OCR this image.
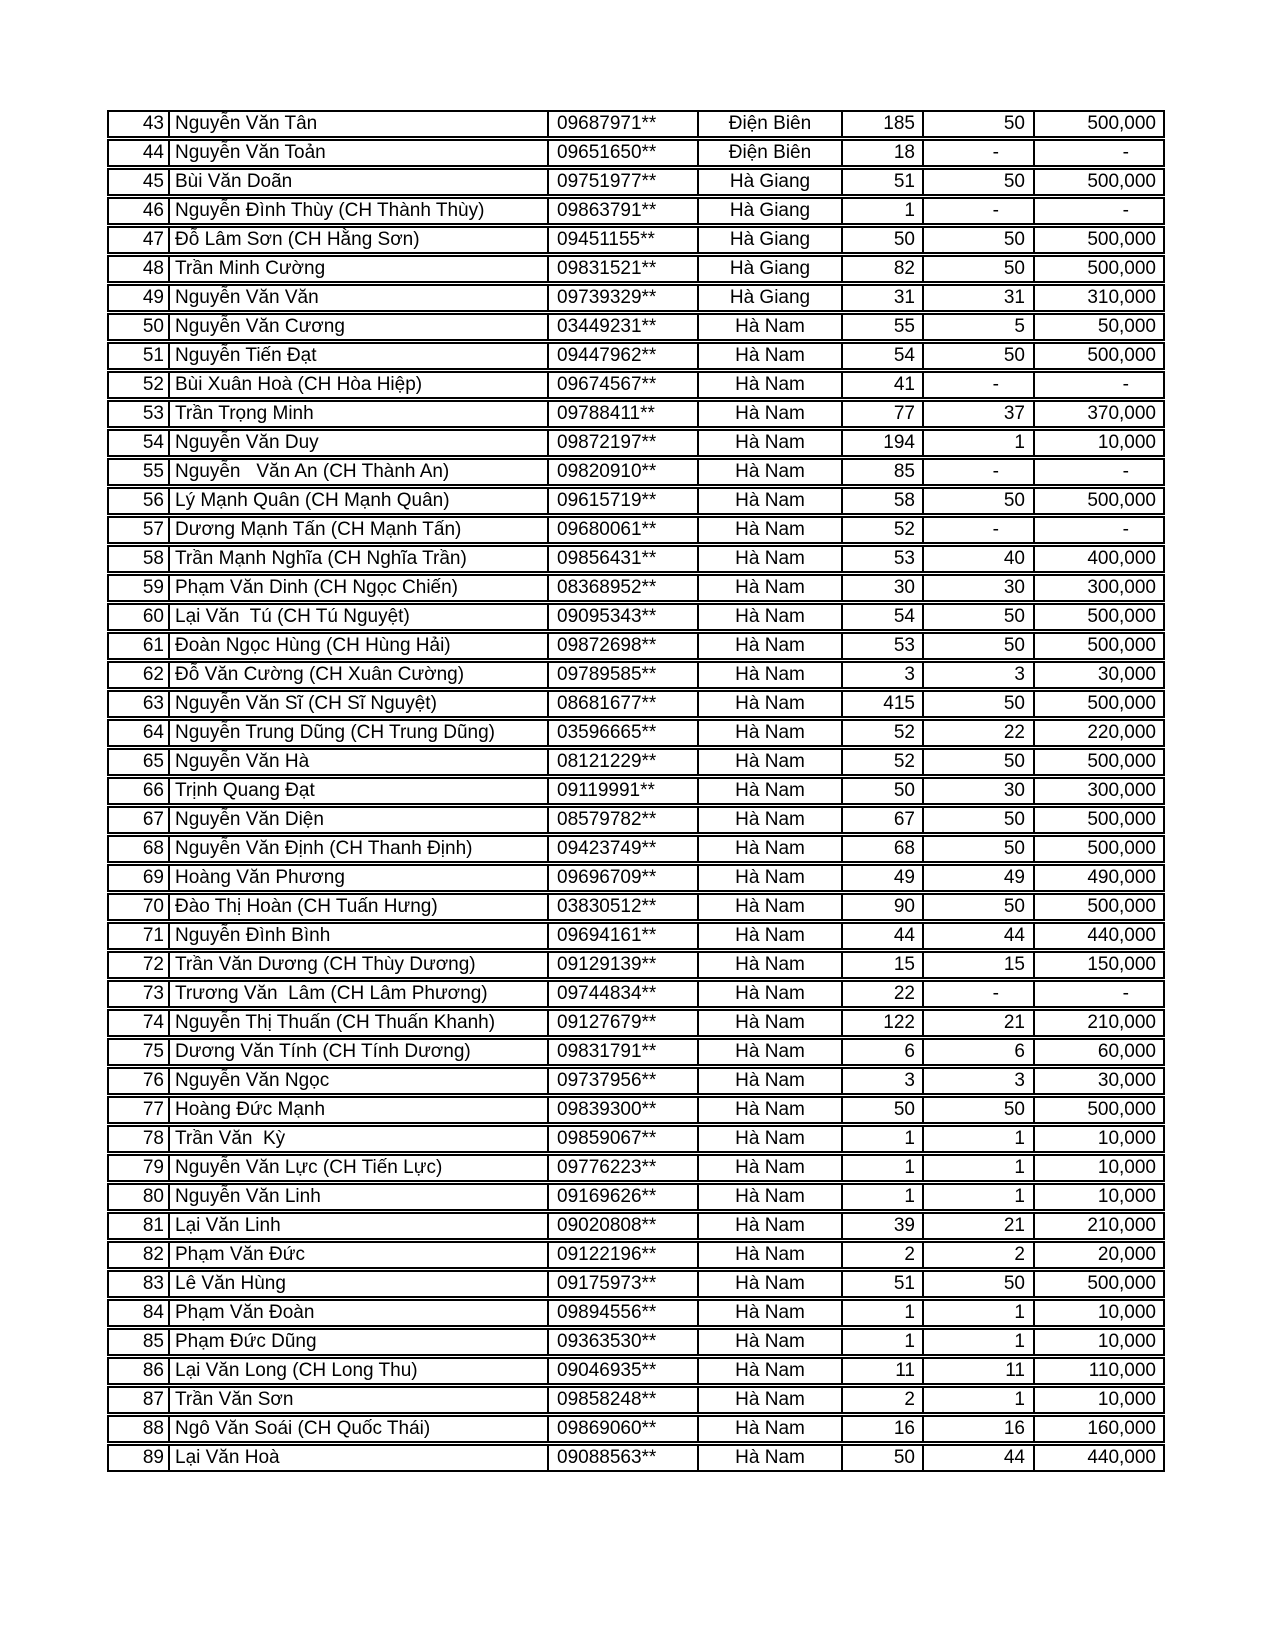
43 Nguyễn Văn Tân	09687971**	Điện Biên	185	50	500,000
44 Nguyễn Văn Toản	09651650**	Điện Biên	18	-	-
45 Bùi Văn Doãn	09751977**	Hà Giang	51	50	500,000
46 Nguyễn Đình Thùy (CH Thành Thùy)	09863791**	Hà Giang	1	-	-
47 Đỗ Lâm Sơn (CH Hằng Sơn)	09451155**	Hà Giang	50	50	500,000
48 Trần Minh Cường	09831521**	Hà Giang	82	50	500,000
49 Nguyễn Văn Văn	09739329**	Hà Giang	31	31	310,000
50 Nguyễn Văn Cương	03449231**	Hà Nam	55	5	50,000
51 Nguyễn Tiến Đạt	09447962**	Hà Nam	54	50	500,000
52 Bùi Xuân Hoà (CH Hòa Hiệp)	09674567**	Hà Nam	41	-	-
53 Trần Trọng Minh	09788411**	Hà Nam	77	37	370,000
54 Nguyễn Văn Duy	09872197**	Hà Nam	194	1	10,000
55 Nguyễn   Văn An (CH Thành An)	09820910**	Hà Nam	85	-	-
56 Lý Mạnh Quân (CH Mạnh Quân)	09615719**	Hà Nam	58	50	500,000
57 Dương Mạnh Tấn (CH Mạnh Tấn)	09680061**	Hà Nam	52	-	-
58 Trần Mạnh Nghĩa (CH Nghĩa Trần)	09856431**	Hà Nam	53	40	400,000
59 Phạm Văn Dinh (CH Ngọc Chiến)	08368952**	Hà Nam	30	30	300,000
60 Lại Văn  Tú (CH Tú Nguyệt)	09095343**	Hà Nam	54	50	500,000
61 Đoàn Ngọc Hùng (CH Hùng Hải)	09872698**	Hà Nam	53	50	500,000
62 Đỗ Văn Cường (CH Xuân Cường)	09789585**	Hà Nam	3	3	30,000
63 Nguyễn Văn Sĩ (CH Sĩ Nguyệt)	08681677**	Hà Nam	415	50	500,000
64 Nguyễn Trung Dũng (CH Trung Dũng)	03596665**	Hà Nam	52	22	220,000
65 Nguyễn Văn Hà	08121229**	Hà Nam	52	50	500,000
66 Trịnh Quang Đạt	09119991**	Hà Nam	50	30	300,000
67 Nguyễn Văn Diện	08579782**	Hà Nam	67	50	500,000
68 Nguyễn Văn Định (CH Thanh Định)	09423749**	Hà Nam	68	50	500,000
69 Hoàng Văn Phương	09696709**	Hà Nam	49	49	490,000
70 Đào Thị Hoàn (CH Tuấn Hưng)	03830512**	Hà Nam	90	50	500,000
71 Nguyễn Đình Bình	09694161**	Hà Nam	44	44	440,000
72 Trần Văn Dương (CH Thùy Dương)	09129139**	Hà Nam	15	15	150,000
73 Trương Văn  Lâm (CH Lâm Phương)	09744834**	Hà Nam	22	-	-
74 Nguyễn Thị Thuấn (CH Thuấn Khanh)	09127679**	Hà Nam	122	21	210,000
75 Dương Văn Tính (CH Tính Dương)	09831791**	Hà Nam	6	6	60,000
76 Nguyễn Văn Ngọc	09737956**	Hà Nam	3	3	30,000
77 Hoàng Đức Mạnh	09839300**	Hà Nam	50	50	500,000
78 Trần Văn  Kỳ	09859067**	Hà Nam	1	1	10,000
79 Nguyễn Văn Lực (CH Tiến Lực)	09776223**	Hà Nam	1	1	10,000
80 Nguyễn Văn Linh	09169626**	Hà Nam	1	1	10,000
81 Lại Văn Linh	09020808**	Hà Nam	39	21	210,000
82 Phạm Văn Đức	09122196**	Hà Nam	2	2	20,000
83 Lê Văn Hùng	09175973**	Hà Nam	51	50	500,000
84 Phạm Văn Đoàn	09894556**	Hà Nam	1	1	10,000
85 Phạm Đức Dũng	09363530**	Hà Nam	1	1	10,000
86 Lại Văn Long (CH Long Thu)	09046935**	Hà Nam	11	11	110,000
87 Trần Văn Sơn	09858248**	Hà Nam	2	1	10,000
88 Ngô Văn Soái (CH Quốc Thái)	09869060**	Hà Nam	16	16	160,000
89 Lại Văn Hoà	09088563**	Hà Nam	50	44	440,000
